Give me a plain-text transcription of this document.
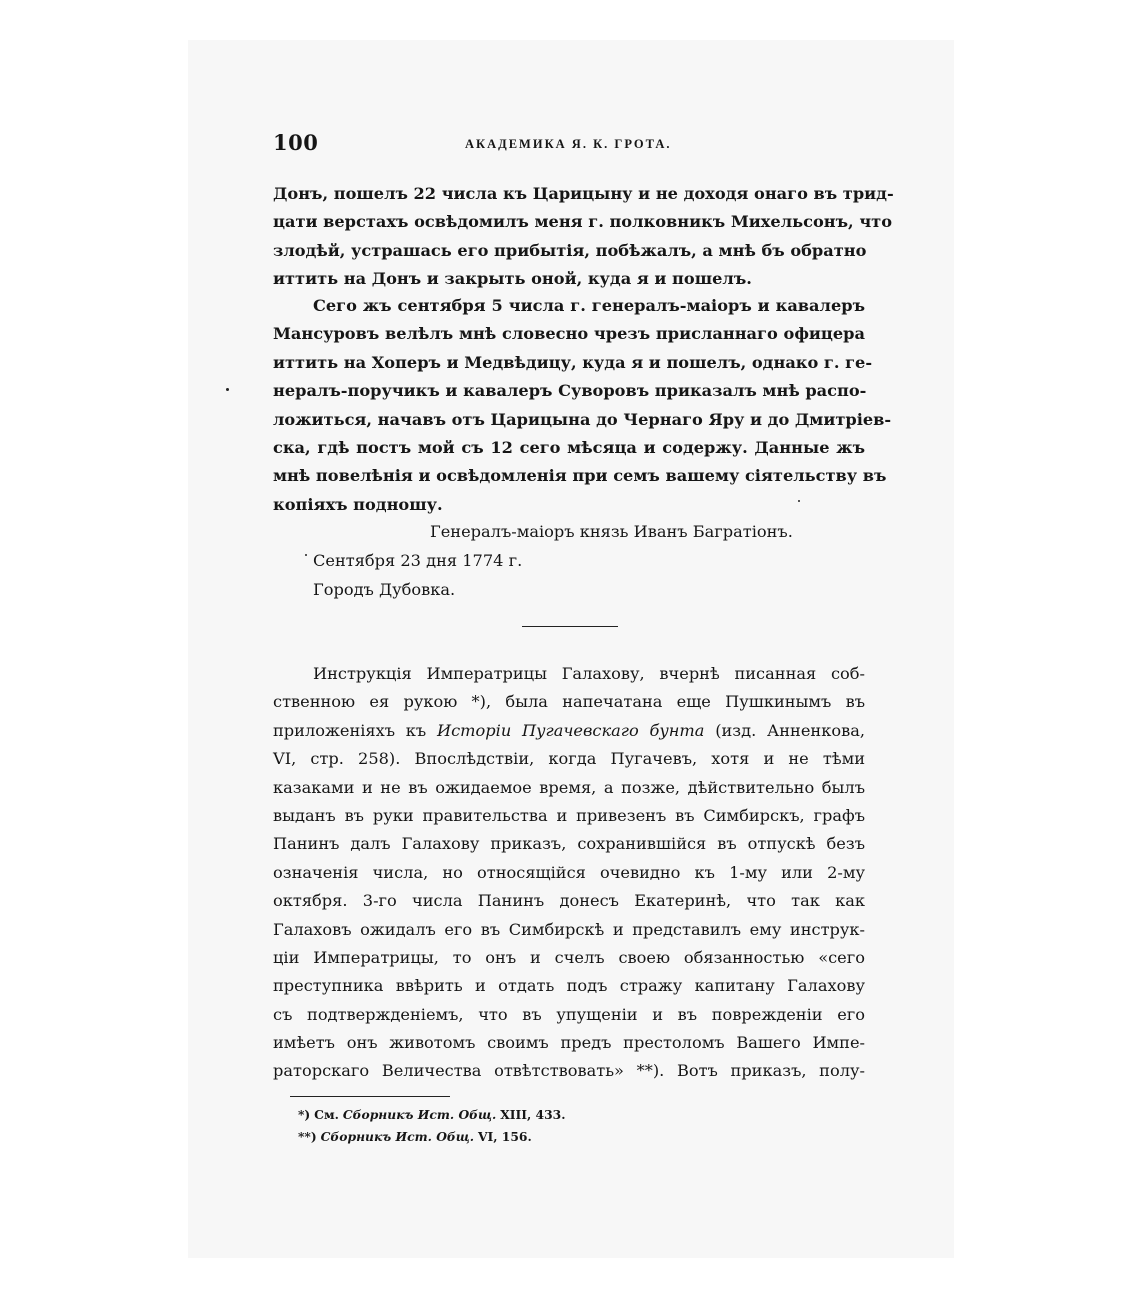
100	АКАДЕМИКА Я. К. ГРОТА.
Донъ, пошелъ 22 числа къ Царицыну и не доходя онаго въ трид-
цати верстахъ освѣдомилъ меня г. полковникъ Михельсонъ, что
злодѣй, устрашась его прибытія, побѣжалъ, а мнѣ бъ обратно
иттить на Донъ и закрыть оной, куда я и пошелъ.
Сего жъ сентября 5 числа г. генералъ-маіоръ и кавалеръ
Мансуровъ велѣлъ мнѣ словесно чрезъ присланнаго офицера
иттить на Хоперъ и Медвѣдицу, куда я и пошелъ, однако г. ге-
нералъ-поручикъ и кавалеръ Суворовъ приказалъ мнѣ распо-
ложиться, начавъ отъ Царицына до Чернаго Яру и до Дмитріев-
ска, гдѣ постъ мой съ 12 сего мѣсяца и содержу. Данные жъ
мнѣ повелѣнія и освѣдомленія при семъ вашему сіятельству въ
копіяхъ подношу.
Генералъ-маіоръ князь Иванъ Багратіонъ.
Сентября 23 дня 1774 г.
Городъ Дубовка.
Инструкція Императрицы Галахову, вчернѣ писанная соб-
ственною ея рукою *), была напечатана еще Пушкинымъ въ
приложеніяхъ къ Исторіи Пугачевскаго бунта (изд. Анненкова,
VI, стр. 258). Впослѣдствіи, когда Пугачевъ, хотя и не тѣми
казаками и не въ ожидаемое время, а позже, дѣйствительно былъ
выданъ въ руки правительства и привезенъ въ Симбирскъ, графъ
Панинъ далъ Галахову приказъ, сохранившійся въ отпускѣ безъ
означенія числа, но относящійся очевидно къ 1-му или 2-му
октября. 3-го числа Панинъ донесъ Екатеринѣ, что так как
Галаховъ ожидалъ его въ Симбирскѣ и представилъ ему инструк-
ціи Императрицы, то онъ и счелъ своею обязанностью «сего
преступника ввѣрить и отдать подъ стражу капитану Галахову
съ подтвержденіемъ, что въ упущеніи и въ поврежденіи его
имѣетъ онъ животомъ своимъ предъ престоломъ Вашего Импе-
раторскаго Величества отвѣтствовать» **). Вотъ приказъ, полу-
*) См. Сборникъ Ист. Общ. XIII, 433.
**) Сборникъ Ист. Общ. VI, 156.
